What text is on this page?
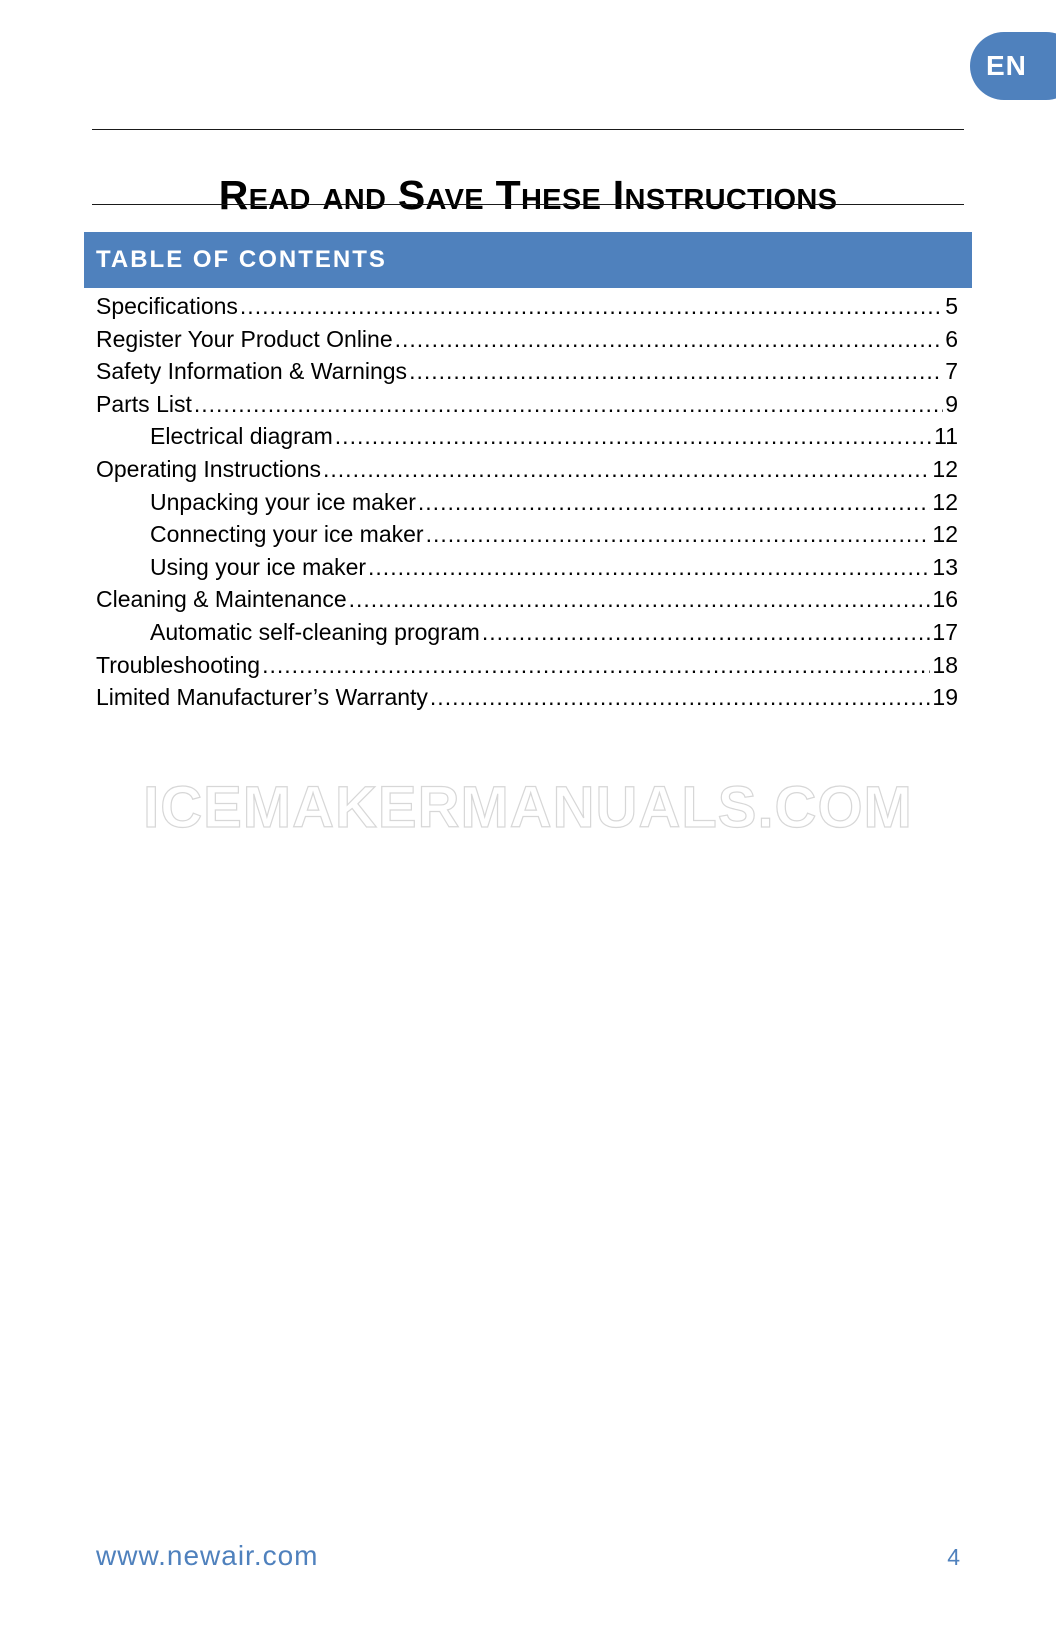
EN
Read and Save These Instructions
TABLE OF CONTENTS
Specifications .....	5
Register Your Product Online .....	6
Safety Information & Warnings .....	7
Parts List .....	9
Electrical diagram .....	11
Operating Instructions .....	12
Unpacking your ice maker .....	12
Connecting your ice maker .....	12
Using your ice maker .....	13
Cleaning & Maintenance .....	16
Automatic self-cleaning program .....	17
Troubleshooting .....	18
Limited Manufacturer’s Warranty .....	19
ICEMAKERMANUALS.COM
www.newair.com	4
